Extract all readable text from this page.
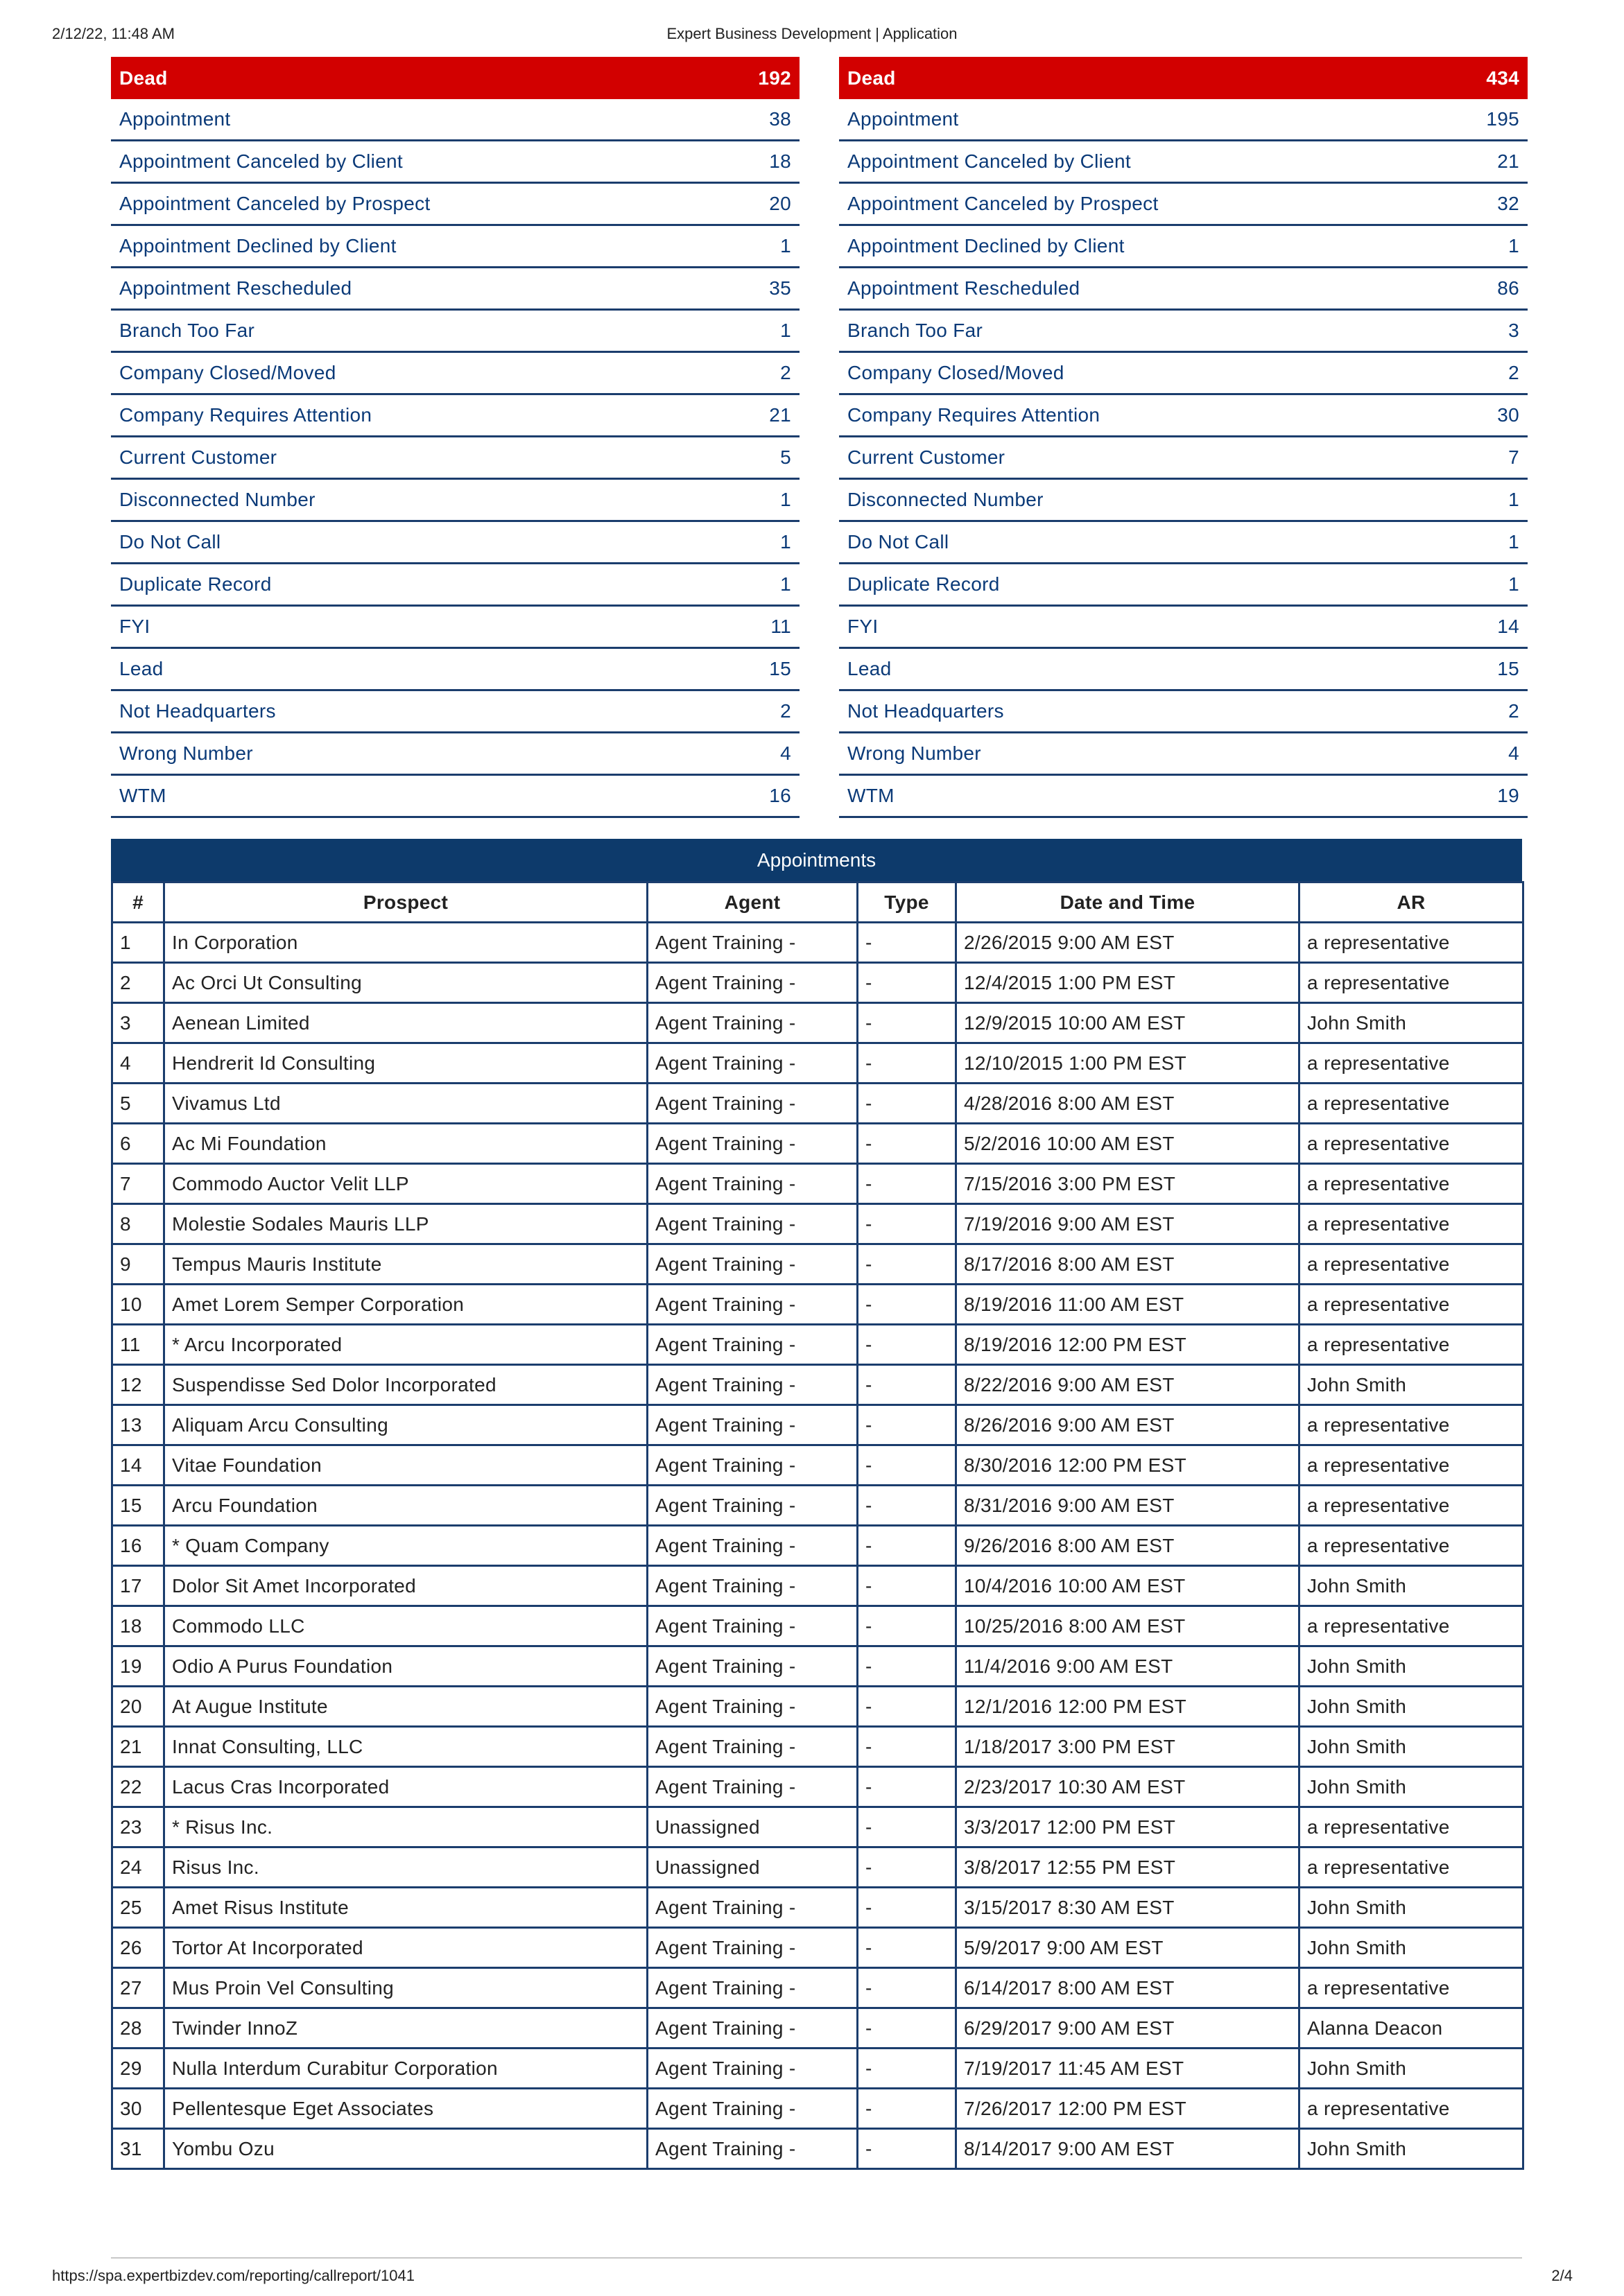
2/12/22, 11:48 AM	Expert Business Development | Application
Dead	192
Appointment	38
Appointment Canceled by Client	18
Appointment Canceled by Prospect	20
Appointment Declined by Client	1
Appointment Rescheduled	35
Branch Too Far	1
Company Closed/Moved	2
Company Requires Attention	21
Current Customer	5
Disconnected Number	1
Do Not Call	1
Duplicate Record	1
FYI	11
Lead	15
Not Headquarters	2
Wrong Number	4
WTM	16
Dead	434
Appointment	195
Appointment Canceled by Client	21
Appointment Canceled by Prospect	32
Appointment Declined by Client	1
Appointment Rescheduled	86
Branch Too Far	3
Company Closed/Moved	2
Company Requires Attention	30
Current Customer	7
Disconnected Number	1
Do Not Call	1
Duplicate Record	1
FYI	14
Lead	15
Not Headquarters	2
Wrong Number	4
WTM	19
Appointments
#	Prospect	Agent	Type	Date and Time	AR
1	In Corporation	Agent Training -	-	2/26/2015 9:00 AM EST	a representative
2	Ac Orci Ut Consulting	Agent Training -	-	12/4/2015 1:00 PM EST	a representative
3	Aenean Limited	Agent Training -	-	12/9/2015 10:00 AM EST	John Smith
4	Hendrerit Id Consulting	Agent Training -	-	12/10/2015 1:00 PM EST	a representative
5	Vivamus Ltd	Agent Training -	-	4/28/2016 8:00 AM EST	a representative
6	Ac Mi Foundation	Agent Training -	-	5/2/2016 10:00 AM EST	a representative
7	Commodo Auctor Velit LLP	Agent Training -	-	7/15/2016 3:00 PM EST	a representative
8	Molestie Sodales Mauris LLP	Agent Training -	-	7/19/2016 9:00 AM EST	a representative
9	Tempus Mauris Institute	Agent Training -	-	8/17/2016 8:00 AM EST	a representative
10	Amet Lorem Semper Corporation	Agent Training -	-	8/19/2016 11:00 AM EST	a representative
11	* Arcu Incorporated	Agent Training -	-	8/19/2016 12:00 PM EST	a representative
12	Suspendisse Sed Dolor Incorporated	Agent Training -	-	8/22/2016 9:00 AM EST	John Smith
13	Aliquam Arcu Consulting	Agent Training -	-	8/26/2016 9:00 AM EST	a representative
14	Vitae Foundation	Agent Training -	-	8/30/2016 12:00 PM EST	a representative
15	Arcu Foundation	Agent Training -	-	8/31/2016 9:00 AM EST	a representative
16	* Quam Company	Agent Training -	-	9/26/2016 8:00 AM EST	a representative
17	Dolor Sit Amet Incorporated	Agent Training -	-	10/4/2016 10:00 AM EST	John Smith
18	Commodo LLC	Agent Training -	-	10/25/2016 8:00 AM EST	a representative
19	Odio A Purus Foundation	Agent Training -	-	11/4/2016 9:00 AM EST	John Smith
20	At Augue Institute	Agent Training -	-	12/1/2016 12:00 PM EST	John Smith
21	Innat Consulting, LLC	Agent Training -	-	1/18/2017 3:00 PM EST	John Smith
22	Lacus Cras Incorporated	Agent Training -	-	2/23/2017 10:30 AM EST	John Smith
23	* Risus Inc.	Unassigned	-	3/3/2017 12:00 PM EST	a representative
24	Risus Inc.	Unassigned	-	3/8/2017 12:55 PM EST	a representative
25	Amet Risus Institute	Agent Training -	-	3/15/2017 8:30 AM EST	John Smith
26	Tortor At Incorporated	Agent Training -	-	5/9/2017 9:00 AM EST	John Smith
27	Mus Proin Vel Consulting	Agent Training -	-	6/14/2017 8:00 AM EST	a representative
28	Twinder InnoZ	Agent Training -	-	6/29/2017 9:00 AM EST	Alanna Deacon
29	Nulla Interdum Curabitur Corporation	Agent Training -	-	7/19/2017 11:45 AM EST	John Smith
30	Pellentesque Eget Associates	Agent Training -	-	7/26/2017 12:00 PM EST	a representative
31	Yombu Ozu	Agent Training -	-	8/14/2017 9:00 AM EST	John Smith
https://spa.expertbizdev.com/reporting/callreport/1041	2/4
